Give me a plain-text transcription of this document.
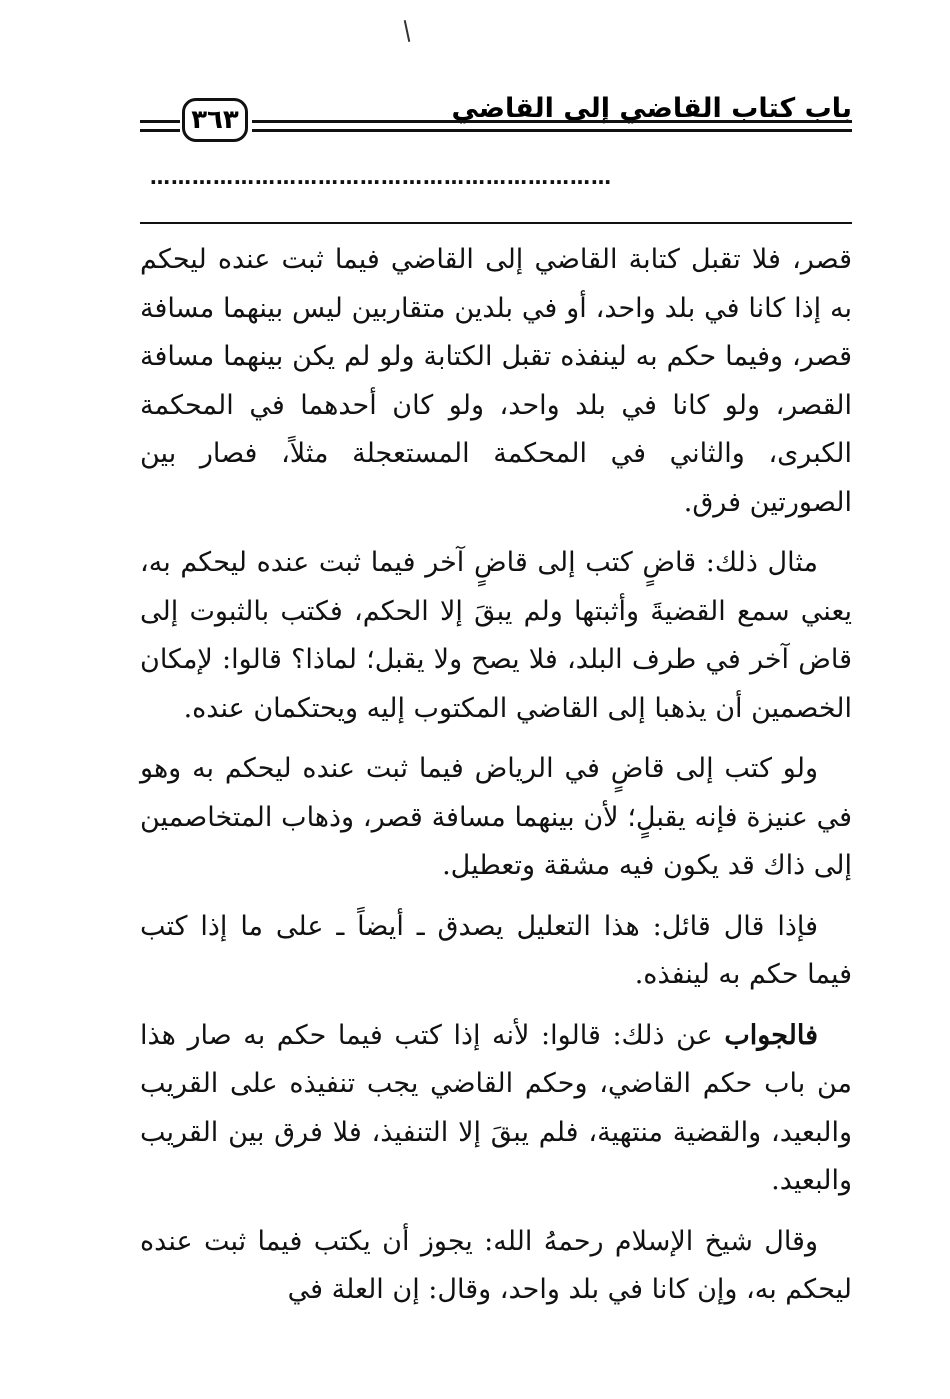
باب كتاب القاضي إلى القاضي
٣٦٣
…………………………………………………………

قصر، فلا تقبل كتابة القاضي إلى القاضي فيما ثبت عنده ليحكم به إذا كانا في بلد واحد، أو في بلدين متقاربين ليس بينهما مسافة قصر، وفيما حكم به لينفذه تقبل الكتابة ولو لم يكن بينهما مسافة القصر، ولو كانا في بلد واحد، ولو كان أحدهما في المحكمة الكبرى، والثاني في المحكمة المستعجلة مثلاً، فصار بين الصورتين فرق.

مثال ذلك: قاضٍ كتب إلى قاضٍ آخر فيما ثبت عنده ليحكم به، يعني سمع القضيةَ وأثبتها ولم يبقَ إلا الحكم، فكتب بالثبوت إلى قاض آخر في طرف البلد، فلا يصح ولا يقبل؛ لماذا؟ قالوا: لإمكان الخصمين أن يذهبا إلى القاضي المكتوب إليه ويحتكمان عنده.

ولو كتب إلى قاضٍ في الرياض فيما ثبت عنده ليحكم به وهو في عنيزة فإنه يقبلٍ؛ لأن بينهما مسافة قصر، وذهاب المتخاصمين إلى ذاك قد يكون فيه مشقة وتعطيل.

فإذا قال قائل: هذا التعليل يصدق ـ أيضاً ـ على ما إذا كتب فيما حكم به لينفذه.

فالجواب عن ذلك: قالوا: لأنه إذا كتب فيما حكم به صار هذا من باب حكم القاضي، وحكم القاضي يجب تنفيذه على القريب والبعيد، والقضية منتهية، فلم يبقَ إلا التنفيذ، فلا فرق بين القريب والبعيد.

وقال شيخ الإسلام رحمهُ الله: يجوز أن يكتب فيما ثبت عنده ليحكم به، وإن كانا في بلد واحد، وقال: إن العلة في
